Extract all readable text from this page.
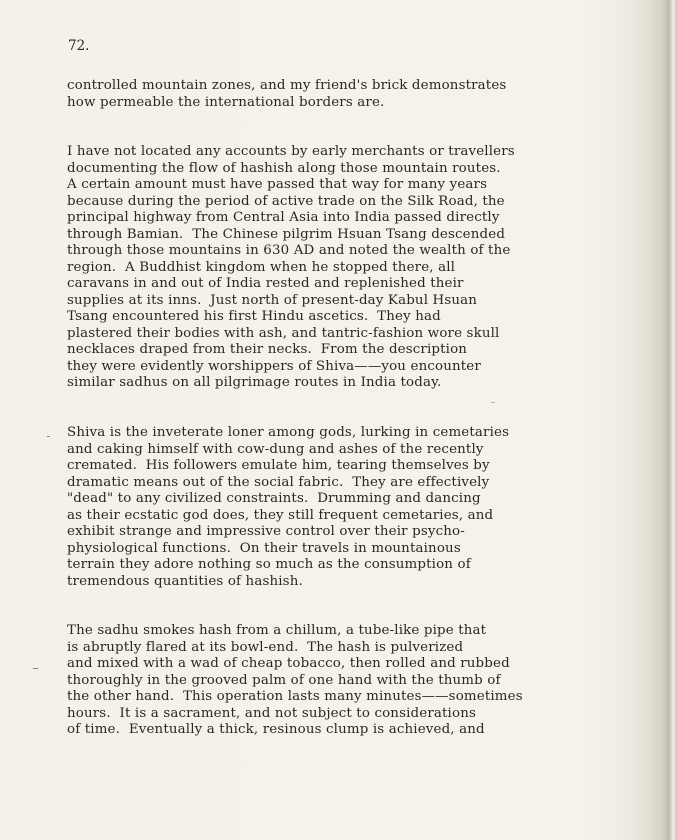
72.
controlled mountain zones, and my friend's brick demonstrates
how permeable the international borders are.
I have not located any accounts by early merchants or travellers
documenting the flow of hashish along those mountain routes.
A certain amount must have passed that way for many years
because during the period of active trade on the Silk Road, the
principal highway from Central Asia into India passed directly
through Bamian.  The Chinese pilgrim Hsuan Tsang descended
through those mountains in 630 AD and noted the wealth of the
region.  A Buddhist kingdom when he stopped there, all
caravans in and out of India rested and replenished their
supplies at its inns.  Just north of present-day Kabul Hsuan
Tsang encountered his first Hindu ascetics.  They had
plastered their bodies with ash, and tantric-fashion wore skull
necklaces draped from their necks.  From the description
they were evidently worshippers of Shiva——you encounter
similar sadhus on all pilgrimage routes in India today.
Shiva is the inveterate loner among gods, lurking in cemetaries
and caking himself with cow-dung and ashes of the recently
cremated.  His followers emulate him, tearing themselves by
dramatic means out of the social fabric.  They are effectively
"dead" to any civilized constraints.  Drumming and dancing
as their ecstatic god does, they still frequent cemetaries, and
exhibit strange and impressive control over their psycho-
physiological functions.  On their travels in mountainous
terrain they adore nothing so much as the consumption of
tremendous quantities of hashish.
The sadhu smokes hash from a chillum, a tube-like pipe that
is abruptly flared at its bowl-end.  The hash is pulverized
and mixed with a wad of cheap tobacco, then rolled and rubbed
thoroughly in the grooved palm of one hand with the thumb of
the other hand.  This operation lasts many minutes——sometimes
hours.  It is a sacrament, and not subject to considerations
of time.  Eventually a thick, resinous clump is achieved, and
